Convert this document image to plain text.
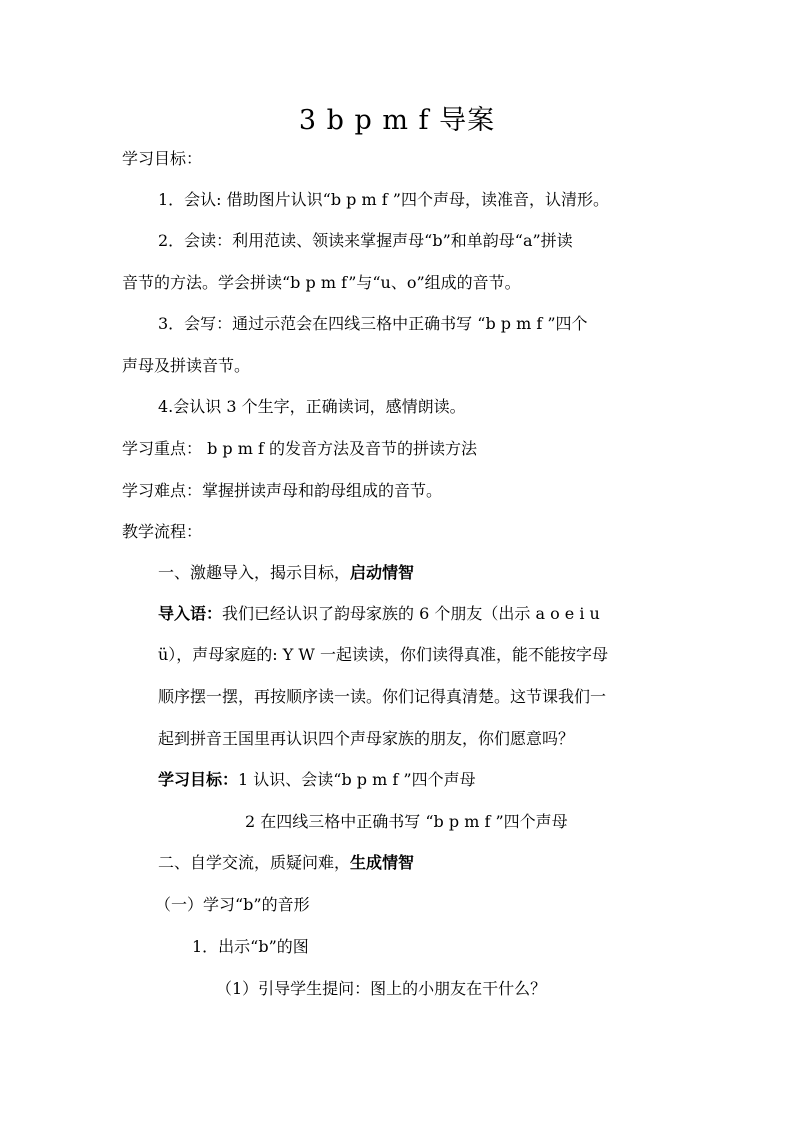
3 b p m f 导案
学习目标：
1．会认: 借助图片认识“b p m f ”四个声母，读准音，认清形。
2．会读：利用范读、领读来掌握声母“b”和单韵母“a”拼读
音节的方法。学会拼读“b p m f”与“u、o”组成的音节。
3．会写：通过示范会在四线三格中正确书写 “b p m f ”四个
声母及拼读音节。
4.会认识 3 个生字，正确读词，感情朗读。
学习重点： b p m f 的发音方法及音节的拼读方法
学习难点：掌握拼读声母和韵母组成的音节。
教学流程：
一、激趣导入，揭示目标，启动情智
导入语：我们已经认识了韵母家族的 6 个朋友（出示 a o e i u
ü），声母家庭的: Y W 一起读读，你们读得真准，能不能按字母
顺序摆一摆，再按顺序读一读。你们记得真清楚。这节课我们一
起到拼音王国里再认识四个声母家族的朋友，你们愿意吗？
学习目标：1 认识、会读“b p m f ”四个声母
2 在四线三格中正确书写 “b p m f ”四个声母
二、自学交流，质疑问难，生成情智
（一）学习“b”的音形
1．出示“b”的图
（1）引导学生提问：图上的小朋友在干什么？
